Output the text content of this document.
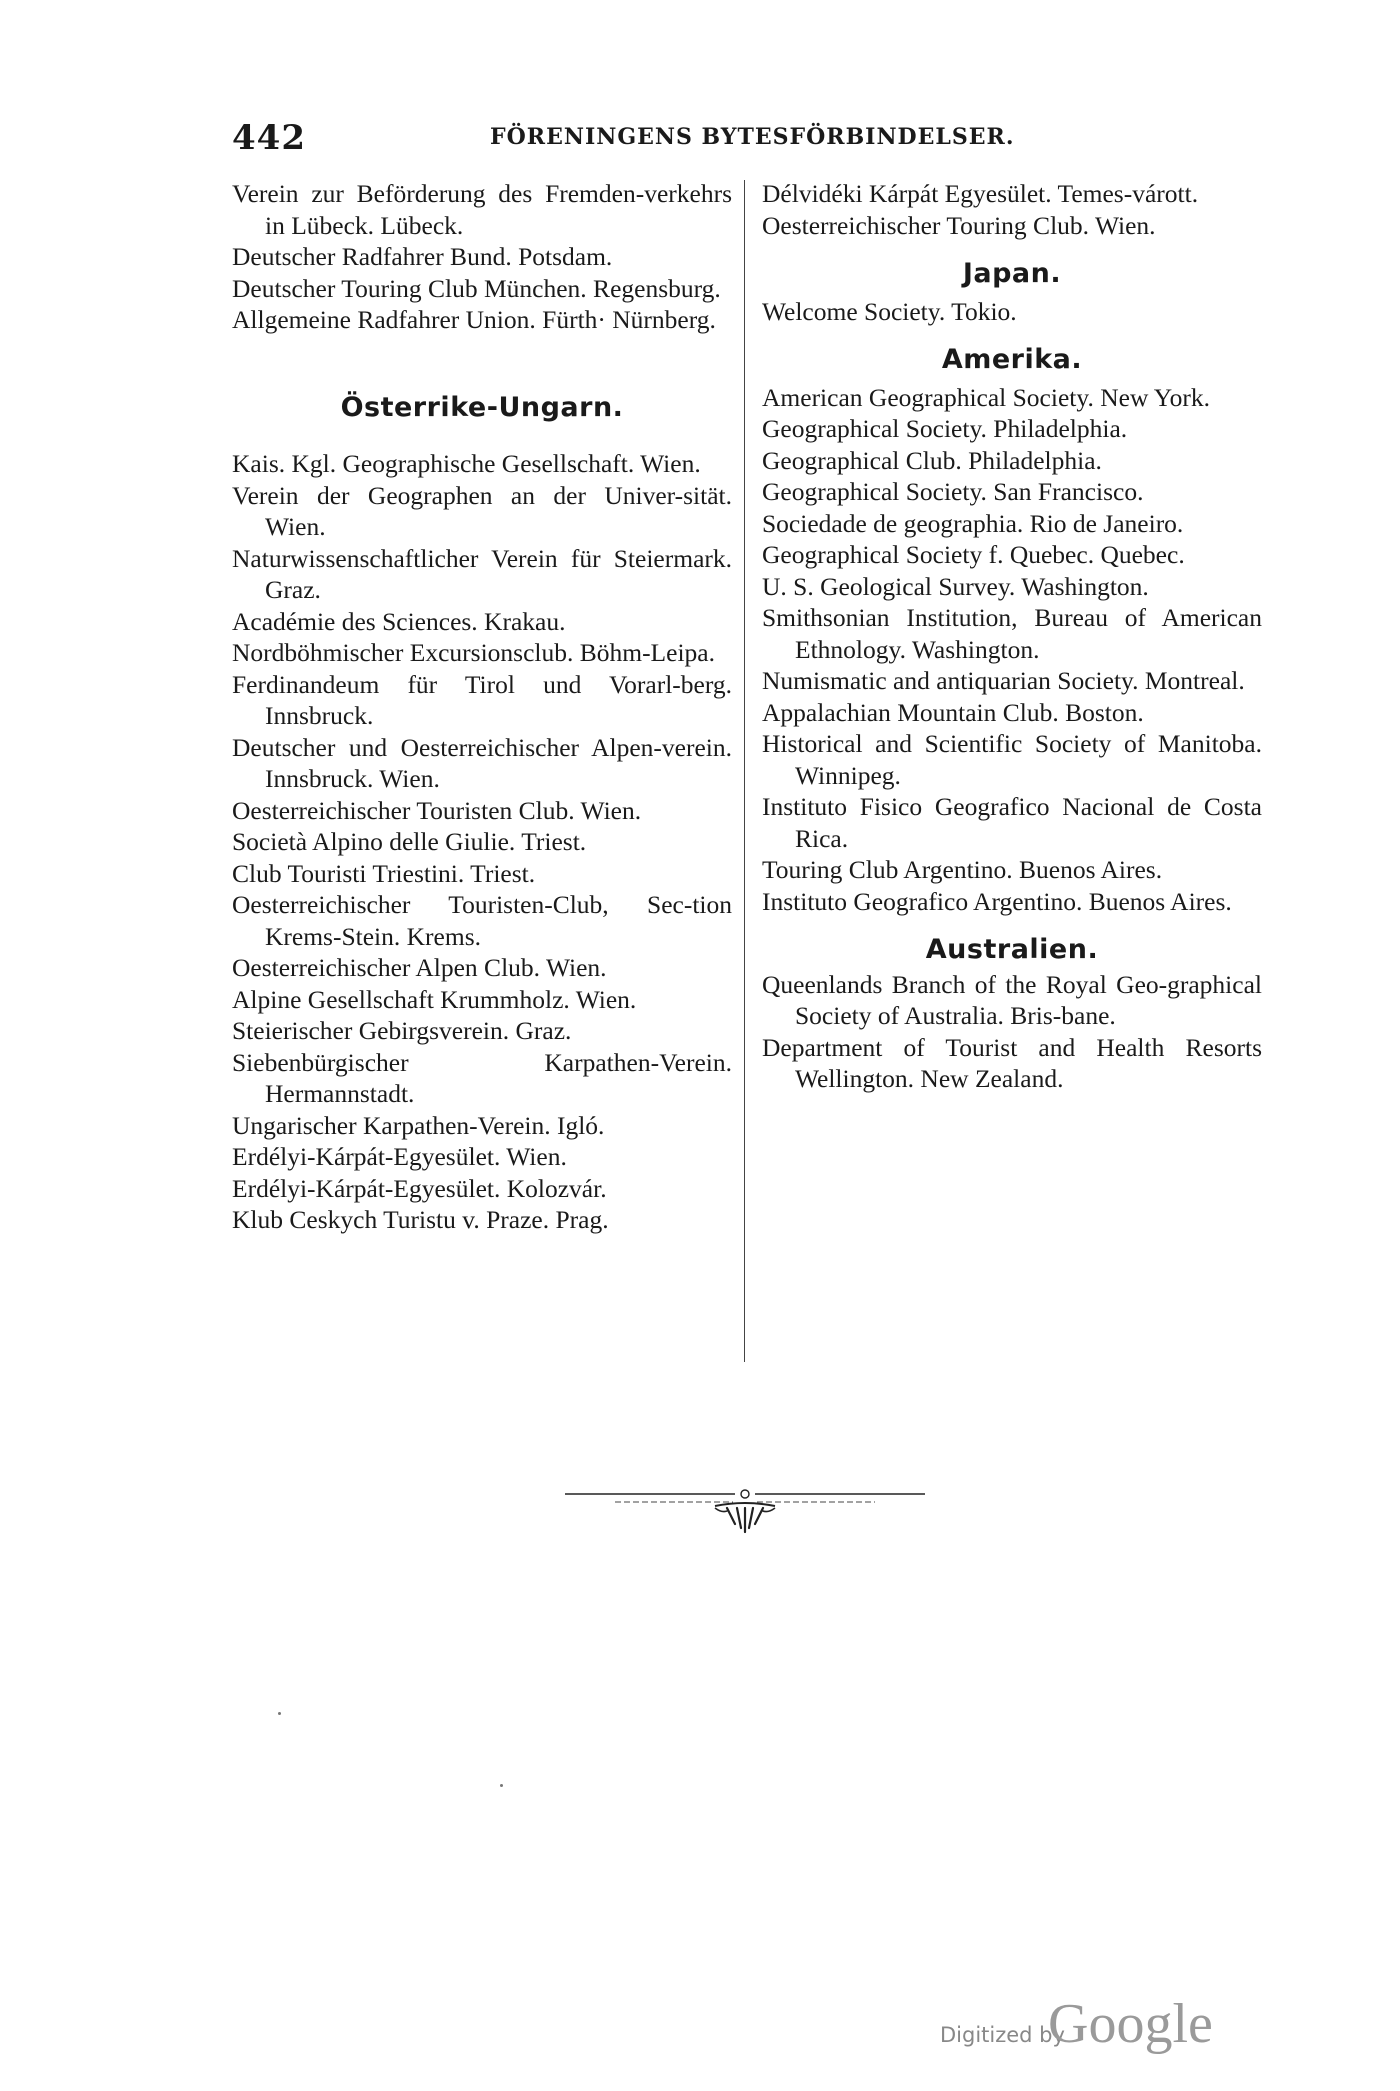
442	FÖRENINGENS BYTESFÖRBINDELSER.
Verein zur Beförderung des Fremden-verkehrs in Lübeck. Lübeck.
Deutscher Radfahrer Bund. Potsdam.
Deutscher Touring Club München. Regensburg.
Allgemeine Radfahrer Union. Fürth· Nürnberg.
Österrike-Ungarn.
Kais. Kgl. Geographische Gesellschaft. Wien.
Verein der Geographen an der Univer-sität. Wien.
Naturwissenschaftlicher Verein für Steiermark. Graz.
Académie des Sciences. Krakau.
Nordböhmischer Excursionsclub. Böhm-Leipa.
Ferdinandeum für Tirol und Vorarl-berg. Innsbruck.
Deutscher und Oesterreichischer Alpen-verein. Innsbruck. Wien.
Oesterreichischer Touristen Club. Wien.
Società Alpino delle Giulie. Triest.
Club Touristi Triestini. Triest.
Oesterreichischer Touristen-Club, Sec-tion Krems-Stein. Krems.
Oesterreichischer Alpen Club. Wien.
Alpine Gesellschaft Krummholz. Wien.
Steierischer Gebirgsverein. Graz.
Siebenbürgischer Karpathen-Verein. Hermannstadt.
Ungarischer Karpathen-Verein. Igló.
Erdélyi-Kárpát-Egyesület. Wien.
Erdélyi-Kárpát-Egyesület. Kolozvár.
Klub Ceskych Turistu v. Praze. Prag.
Délvidéki Kárpát Egyesület. Temes-várott.
Oesterreichischer Touring Club. Wien.
Japan.
Welcome Society. Tokio.
Amerika.
American Geographical Society. New York.
Geographical Society. Philadelphia.
Geographical Club. Philadelphia.
Geographical Society. San Francisco.
Sociedade de geographia. Rio de Janeiro.
Geographical Society f. Quebec. Quebec.
U. S. Geological Survey. Washington.
Smithsonian Institution, Bureau of American Ethnology. Washington.
Numismatic and antiquarian Society. Montreal.
Appalachian Mountain Club. Boston.
Historical and Scientific Society of Manitoba. Winnipeg.
Instituto Fisico Geografico Nacional de Costa Rica.
Touring Club Argentino. Buenos Aires.
Instituto Geografico Argentino. Buenos Aires.
Australien.
Queenlands Branch of the Royal Geo-graphical Society of Australia. Bris-bane.
Department of Tourist and Health Resorts Wellington. New Zealand.
Digitized by
Google
